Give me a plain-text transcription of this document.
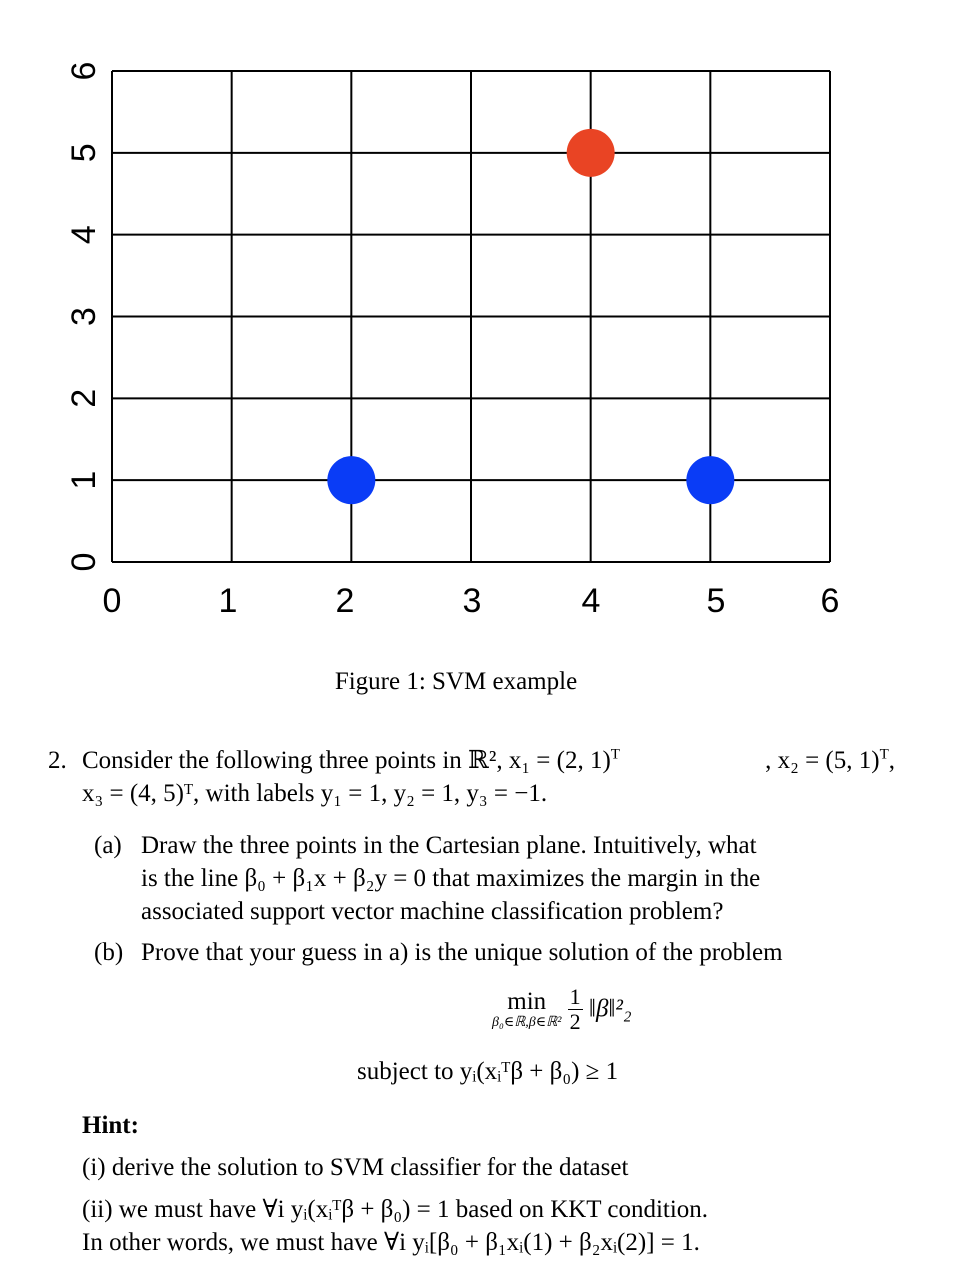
0	1	2	3	4	5	6
0
1
2
3
4
5
6
Figure 1: SVM example
2. Consider the following three points in ℝ², x₁ = (2, 1)$^T$	, x₂ = (5, 1)$^T$,
x₃ = (4, 5)ᵀ, with labels y₁ = 1, y₂ = 1, y₃ = −1.
(a) Draw the three points in the Cartesian plane. Intuitively, what
is the line β₀ + β₁x + β₂y = 0 that maximizes the margin in the
associated support vector machine classification problem?
(b) Prove that your guess in a) is the unique solution of the problem
min
β₀∈ℝ,β∈ℝ²
$\frac{1}{2}$ ‖β‖²₂
subject to yᵢ(xᵢᵀβ + β₀) ≥ 1
Hint:
(i) derive the solution to SVM classifier for the dataset
(ii) we must have ∀i yᵢ(xᵢᵀβ + β₀) = 1 based on KKT condition.
In other words, we must have ∀i yᵢ[β₀ + β₁xᵢ(1) + β₂xᵢ(2)] = 1.
